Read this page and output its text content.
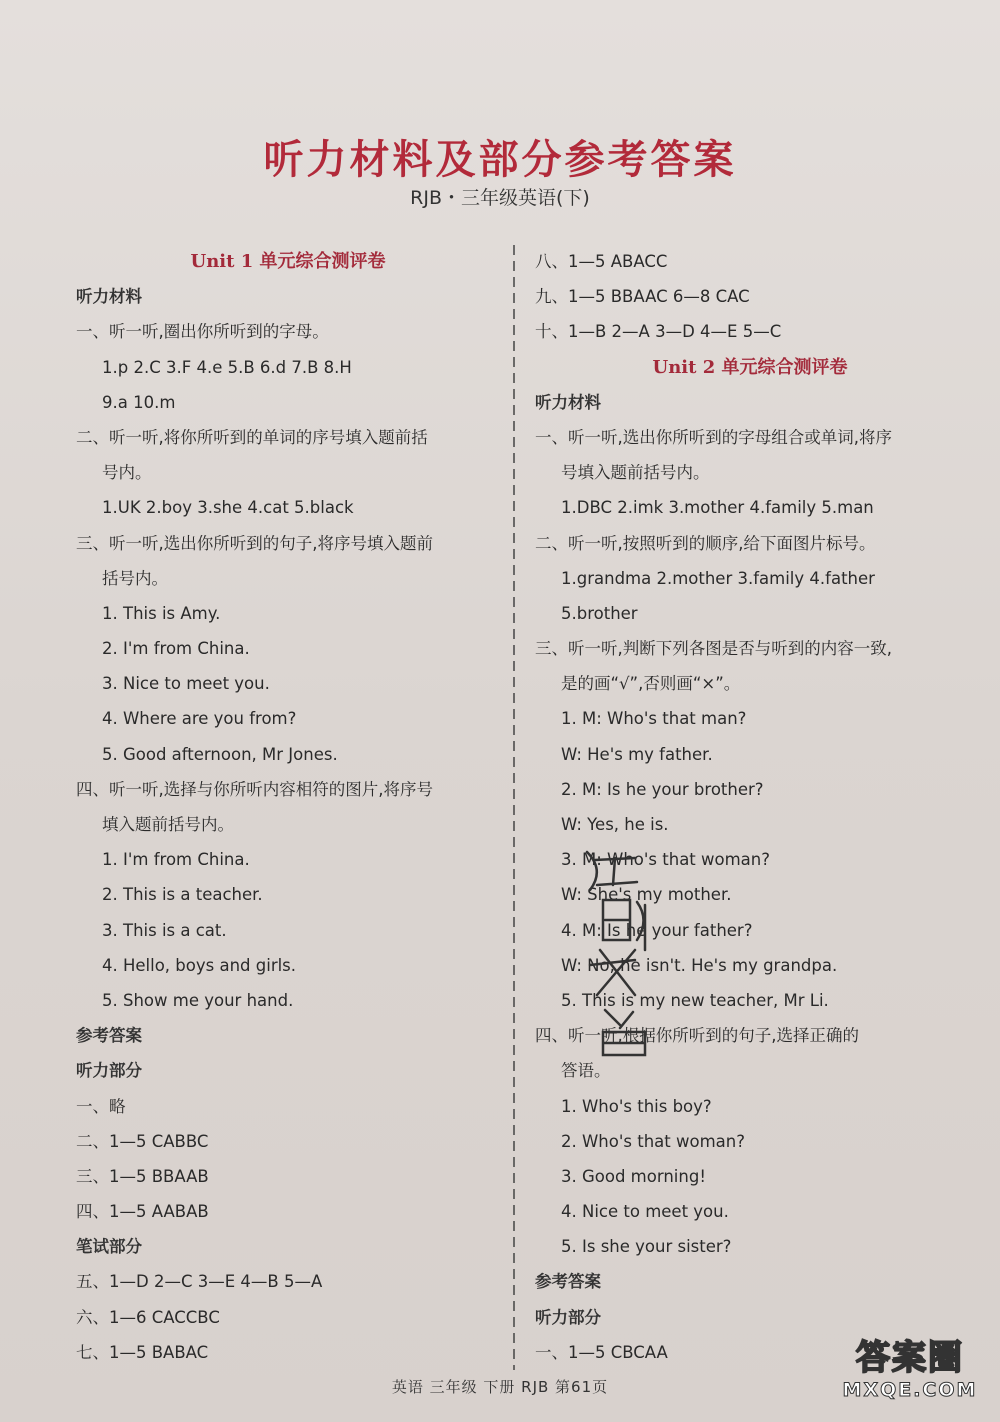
听力材料及部分参考答案
RJB・三年级英语(下)
Unit 1 单元综合测评卷
听力材料
一、听一听,圈出你所听到的字母。
1.p 2.C 3.F 4.e 5.B 6.d 7.B 8.H
9.a 10.m
二、听一听,将你所听到的单词的序号填入题前括
号内。
1.UK 2.boy 3.she 4.cat 5.black
三、听一听,选出你所听到的句子,将序号填入题前
括号内。
1. This is Amy.
2. I'm from China.
3. Nice to meet you.
4. Where are you from?
5. Good afternoon, Mr Jones.
四、听一听,选择与你所听内容相符的图片,将序号
填入题前括号内。
1. I'm from China.
2. This is a teacher.
3. This is a cat.
4. Hello, boys and girls.
5. Show me your hand.
参考答案
听力部分
一、略
二、1—5 CABBC
三、1—5 BBAAB
四、1—5 AABAB
笔试部分
五、1—D 2—C 3—E 4—B 5—A
六、1—6 CACCBC
七、1—5 BABAC
八、1—5 ABACC
九、1—5 BBAAC 6—8 CAC
十、1—B 2—A 3—D 4—E 5—C
Unit 2 单元综合测评卷
听力材料
一、听一听,选出你所听到的字母组合或单词,将序
号填入题前括号内。
1.DBC 2.imk 3.mother 4.family 5.man
二、听一听,按照听到的顺序,给下面图片标号。
1.grandma 2.mother 3.family 4.father
5.brother
三、听一听,判断下列各图是否与听到的内容一致,
是的画“√”,否则画“×”。
1. M: Who's that man?
W: He's my father.
2. M: Is he your brother?
W: Yes, he is.
3. M: Who's that woman?
W: She's my mother.
4. M: Is he your father?
W: No, he isn't. He's my grandpa.
5. This is my new teacher, Mr Li.
四、听一听,根据你所听到的句子,选择正确的
答语。
1. Who's this boy?
2. Who's that woman?
3. Good morning!
4. Nice to meet you.
5. Is she your sister?
参考答案
听力部分
一、1—5 CBCAA
英语 三年级 下册 RJB 第61页
答案圈
MXQE.COM
